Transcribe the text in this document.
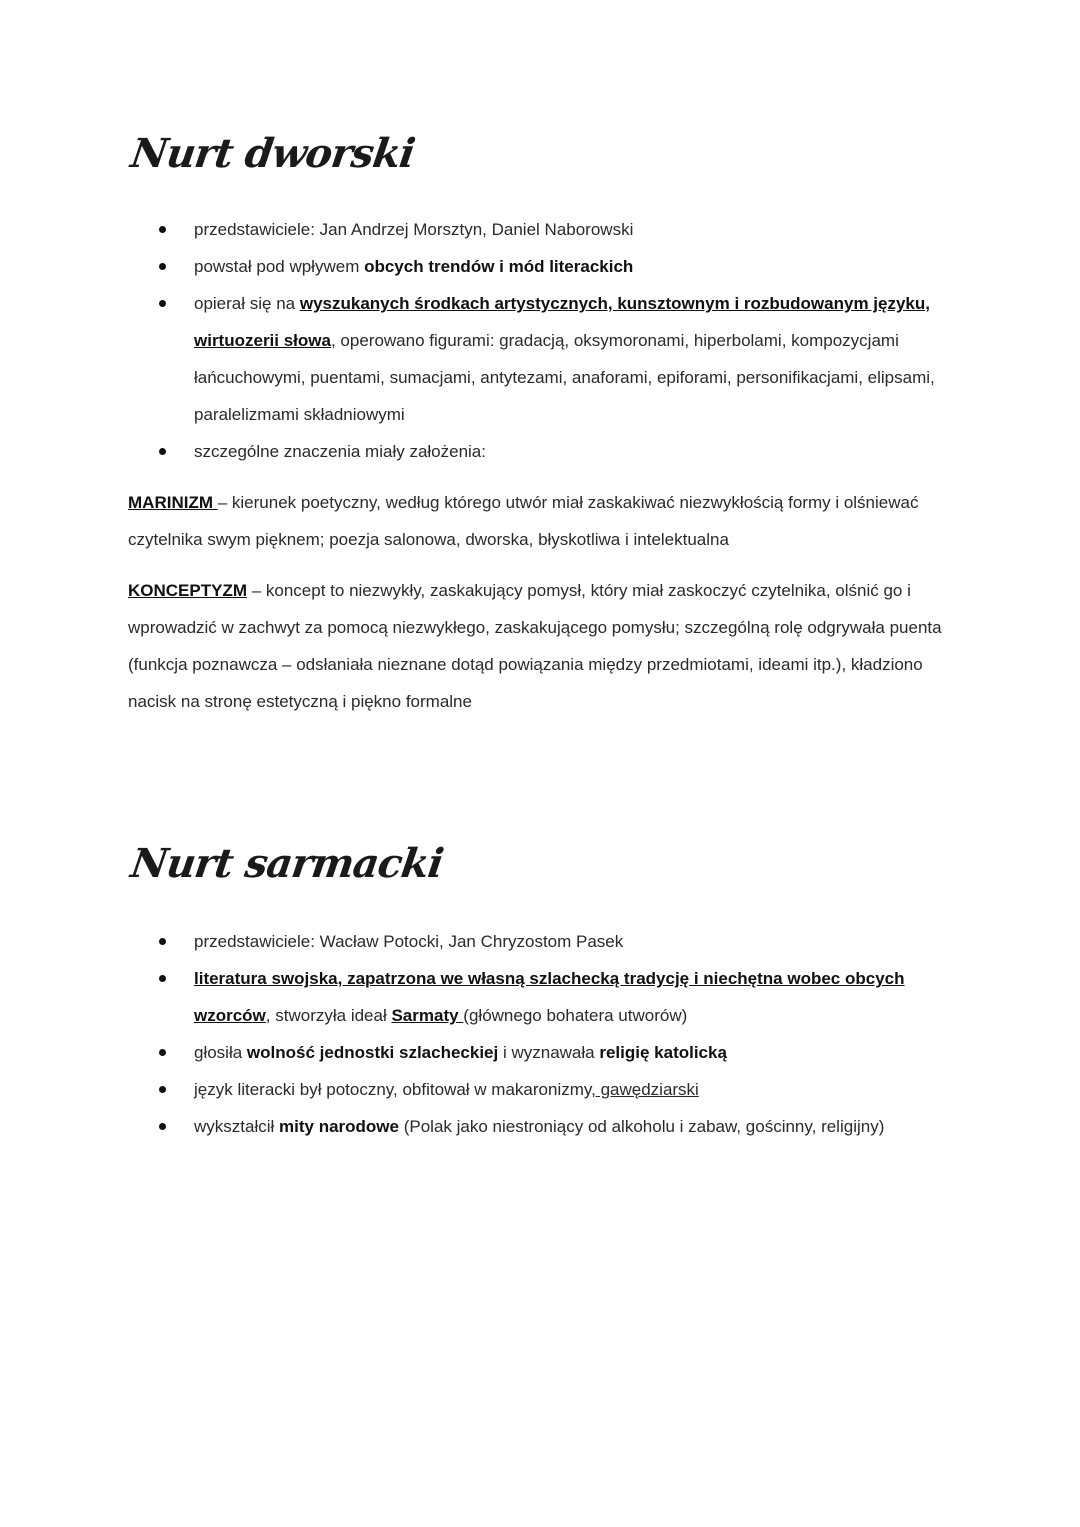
Nurt dworski
przedstawiciele: Jan Andrzej Morsztyn, Daniel Naborowski
powstał pod wpływem obcych trendów i mód literackich
opierał się na wyszukanych środkach artystycznych, kunsztownym i rozbudowanym języku, wirtuozerii słowa, operowano figurami: gradacją, oksymoronami, hiperbolami, kompozycjami łańcuchowymi, puentami, sumacjami, antytezami, anaforami, epiforami, personifikacjami, elipsami, paralelizmami składniowymi
szczególne znaczenia miały założenia:

MARINIZM – kierunek poetyczny, według którego utwór miał zaskakiwać niezwykłością formy i olśniewać czytelnika swym pięknem; poezja salonowa, dworska, błyskotliwa i intelektualna

KONCEPTYZM – koncept to niezwykły, zaskakujący pomysł, który miał zaskoczyć czytelnika, olśnić go i wprowadzić w zachwyt za pomocą niezwykłego, zaskakującego pomysłu; szczególną rolę odgrywała puenta (funkcja poznawcza – odsłaniała nieznane dotąd powiązania między przedmiotami, ideami itp.), kładziono nacisk na stronę estetyczną i piękno formalne

Nurt sarmacki
przedstawiciele: Wacław Potocki, Jan Chryzostom Pasek
literatura swojska, zapatrzona we własną szlachecką tradycję i niechętna wobec obcych wzorców, stworzyła ideał Sarmaty (głównego bohatera utworów)
głosiła wolność jednostki szlacheckiej i wyznawała religię katolicką
język literacki był potoczny, obfitował w makaronizmy, gawędziarski
wykształcił mity narodowe (Polak jako niestroniący od alkoholu i zabaw, gościnny, religijny)
